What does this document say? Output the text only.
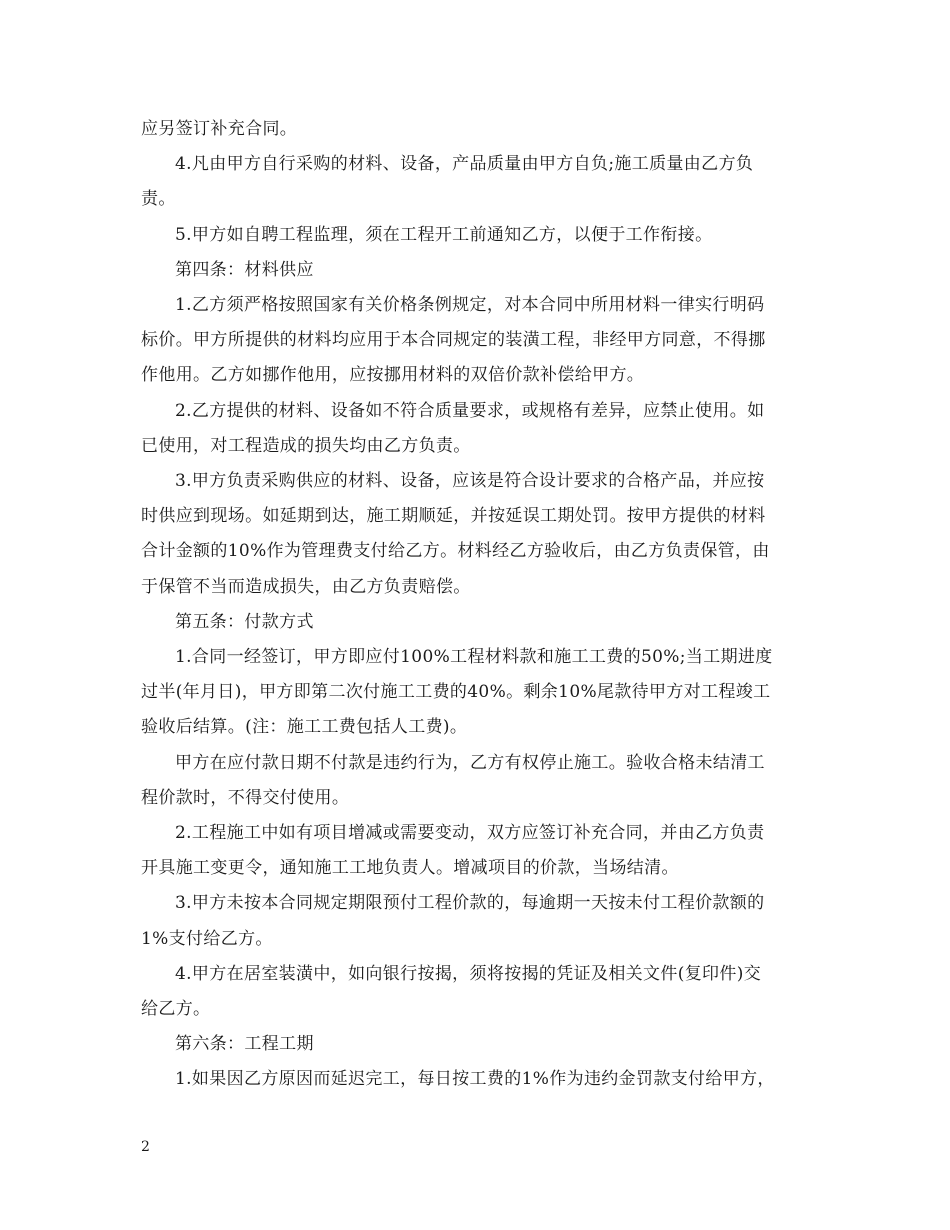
应另签订补充合同。
4.凡由甲方自行采购的材料、设备，产品质量由甲方自负;施工质量由乙方负
责。
5.甲方如自聘工程监理，须在工程开工前通知乙方，以便于工作衔接。
第四条：材料供应
1.乙方须严格按照国家有关价格条例规定，对本合同中所用材料一律实行明码
标价。甲方所提供的材料均应用于本合同规定的装潢工程，非经甲方同意，不得挪
作他用。乙方如挪作他用，应按挪用材料的双倍价款补偿给甲方。
2.乙方提供的材料、设备如不符合质量要求，或规格有差异，应禁止使用。如
已使用，对工程造成的损失均由乙方负责。
3.甲方负责采购供应的材料、设备，应该是符合设计要求的合格产品，并应按
时供应到现场。如延期到达，施工期顺延，并按延误工期处罚。按甲方提供的材料
合计金额的10%作为管理费支付给乙方。材料经乙方验收后，由乙方负责保管，由
于保管不当而造成损失，由乙方负责赔偿。
第五条：付款方式
1.合同一经签订，甲方即应付100%工程材料款和施工工费的50%;当工期进度
过半(年月日)，甲方即第二次付施工工费的40%。剩余10%尾款待甲方对工程竣工
验收后结算。(注：施工工费包括人工费)。
甲方在应付款日期不付款是违约行为，乙方有权停止施工。验收合格未结清工
程价款时，不得交付使用。
2.工程施工中如有项目增减或需要变动，双方应签订补充合同，并由乙方负责
开具施工变更令，通知施工工地负责人。增减项目的价款，当场结清。
3.甲方未按本合同规定期限预付工程价款的，每逾期一天按未付工程价款额的
1%支付给乙方。
4.甲方在居室装潢中，如向银行按揭，须将按揭的凭证及相关文件(复印件)交
给乙方。
第六条：工程工期
1.如果因乙方原因而延迟完工，每日按工费的1%作为违约金罚款支付给甲方，
2
